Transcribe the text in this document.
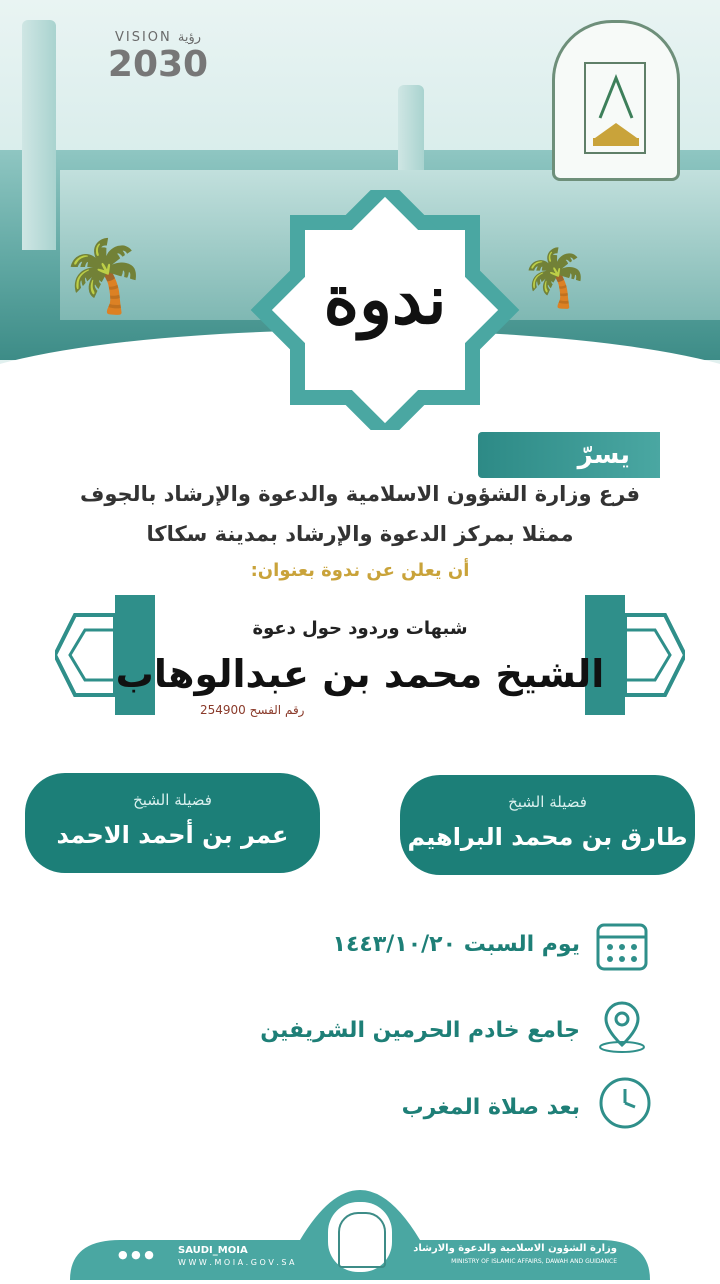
🌴	🌴
VISION رؤية
2030
ندوة
يسرّ
فرع وزارة الشؤون الاسلامية والدعوة والإرشاد بالجوف
ممثلا بمركز الدعوة والإرشاد بمدينة سكاكا
أن يعلن عن ندوة بعنوان:
شبهات وردود حول دعوة
الشيخ محمد بن عبدالوهاب
رقم الفسح 254900
فضيلة الشيخ
طارق بن محمد البراهيم
فضيلة الشيخ
عمر بن أحمد الاحمد
يوم السبت ١٤٤٣/١٠/٢٠
جامع خادم الحرمين الشريفين
بعد صلاة المغرب
● ● ● SAUDI_MOIA
W W W . M O I A . G O V . S A
وزارة الشؤون الاسلامية والدعوة والارشاد
MINISTRY OF ISLAMIC AFFAIRS, DAWAH AND GUIDANCE
